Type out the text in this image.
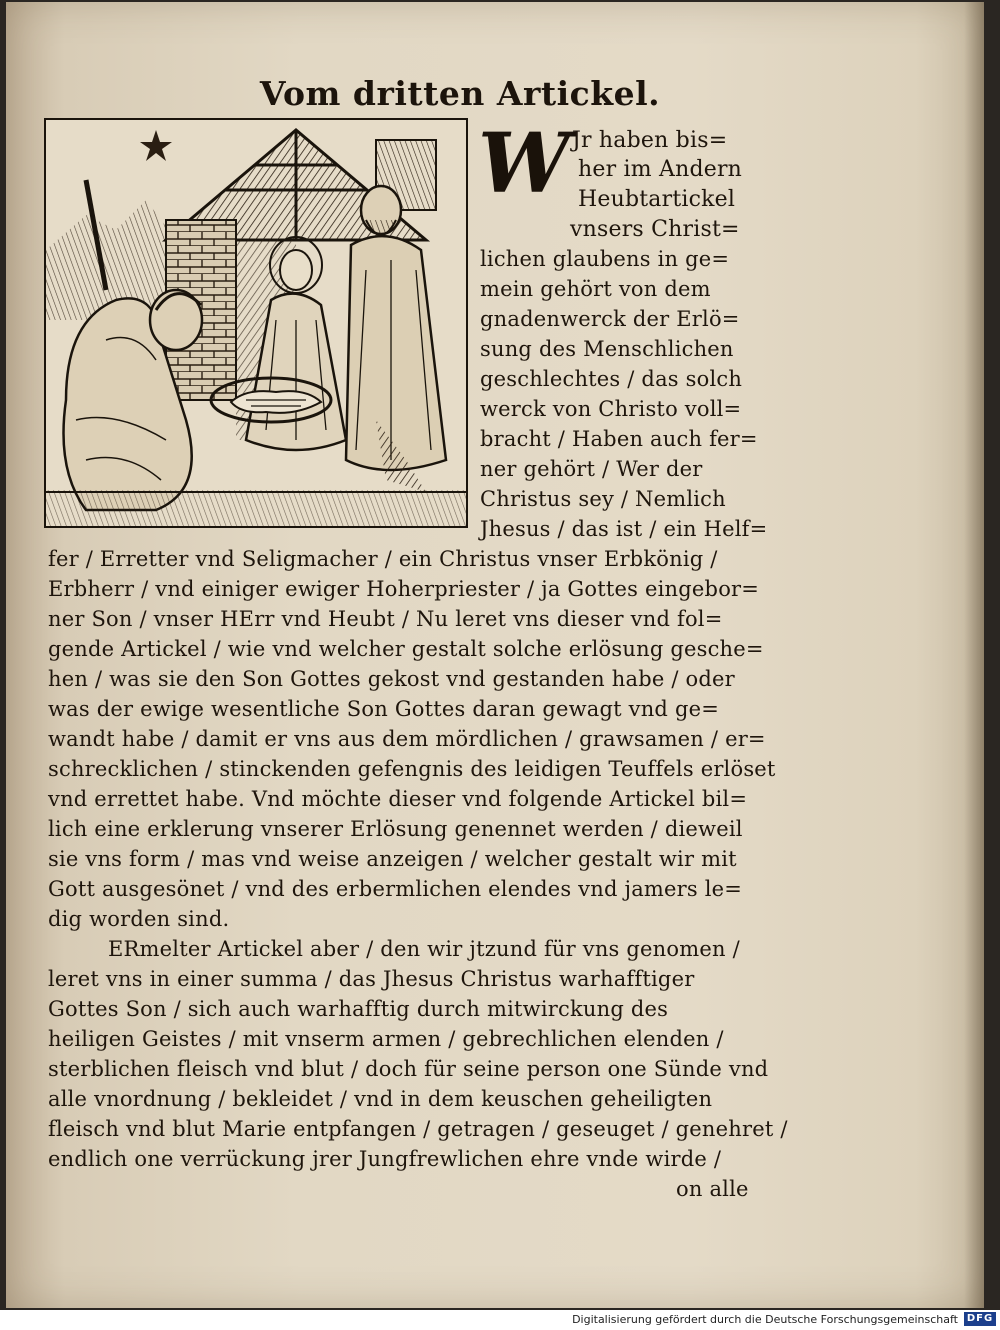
Vom dritten Artickel.
W Jr haben bis=
her im Andern
Heubtartickel
vnsers Christ=
lichen glaubens in ge=
mein gehört von dem
gnadenwerck der Erlö=
sung des Menschlichen
geschlechtes / das solch
werck von Christo voll=
bracht / Haben auch fer=
ner gehört / Wer der
Christus sey / Nemlich
Jhesus / das ist / ein Helf=
fer / Erretter vnd Seligmacher / ein Christus vnser Erbkönig /
Erbherr / vnd einiger ewiger Hoherpriester / ja Gottes eingebor=
ner Son / vnser HErr vnd Heubt / Nu leret vns dieser vnd fol=
gende Artickel / wie vnd welcher gestalt solche erlösung gesche=
hen / was sie den Son Gottes gekost vnd gestanden habe / oder
was der ewige wesentliche Son Gottes daran gewagt vnd ge=
wandt habe / damit er vns aus dem mördlichen / grawsamen / er=
schrecklichen / stinckenden gefengnis des leidigen Teuffels erlöset
vnd errettet habe. Vnd möchte dieser vnd folgende Artickel bil=
lich eine erklerung vnserer Erlösung genennet werden / dieweil
sie vns form / mas vnd weise anzeigen / welcher gestalt wir mit
Gott ausgesönet / vnd des erbermlichen elendes vnd jamers le=
dig worden sind.
ERmelter Artickel aber / den wir jtzund für vns genomen /
leret vns in einer summa / das Jhesus Christus warhafftiger
Gottes Son / sich auch warhafftig durch mitwirckung des
heiligen Geistes / mit vnserm armen / gebrechlichen elenden /
sterblichen fleisch vnd blut / doch für seine person one Sünde vnd
alle vnordnung / bekleidet / vnd in dem keuschen geheiligten
fleisch vnd blut Marie entpfangen / getragen / geseuget / genehret /
endlich one verrückung jrer Jungfrewlichen ehre vnde wirde /
on alle
Digitalisierung gefördert durch die Deutsche Forschungsgemeinschaft DFG
